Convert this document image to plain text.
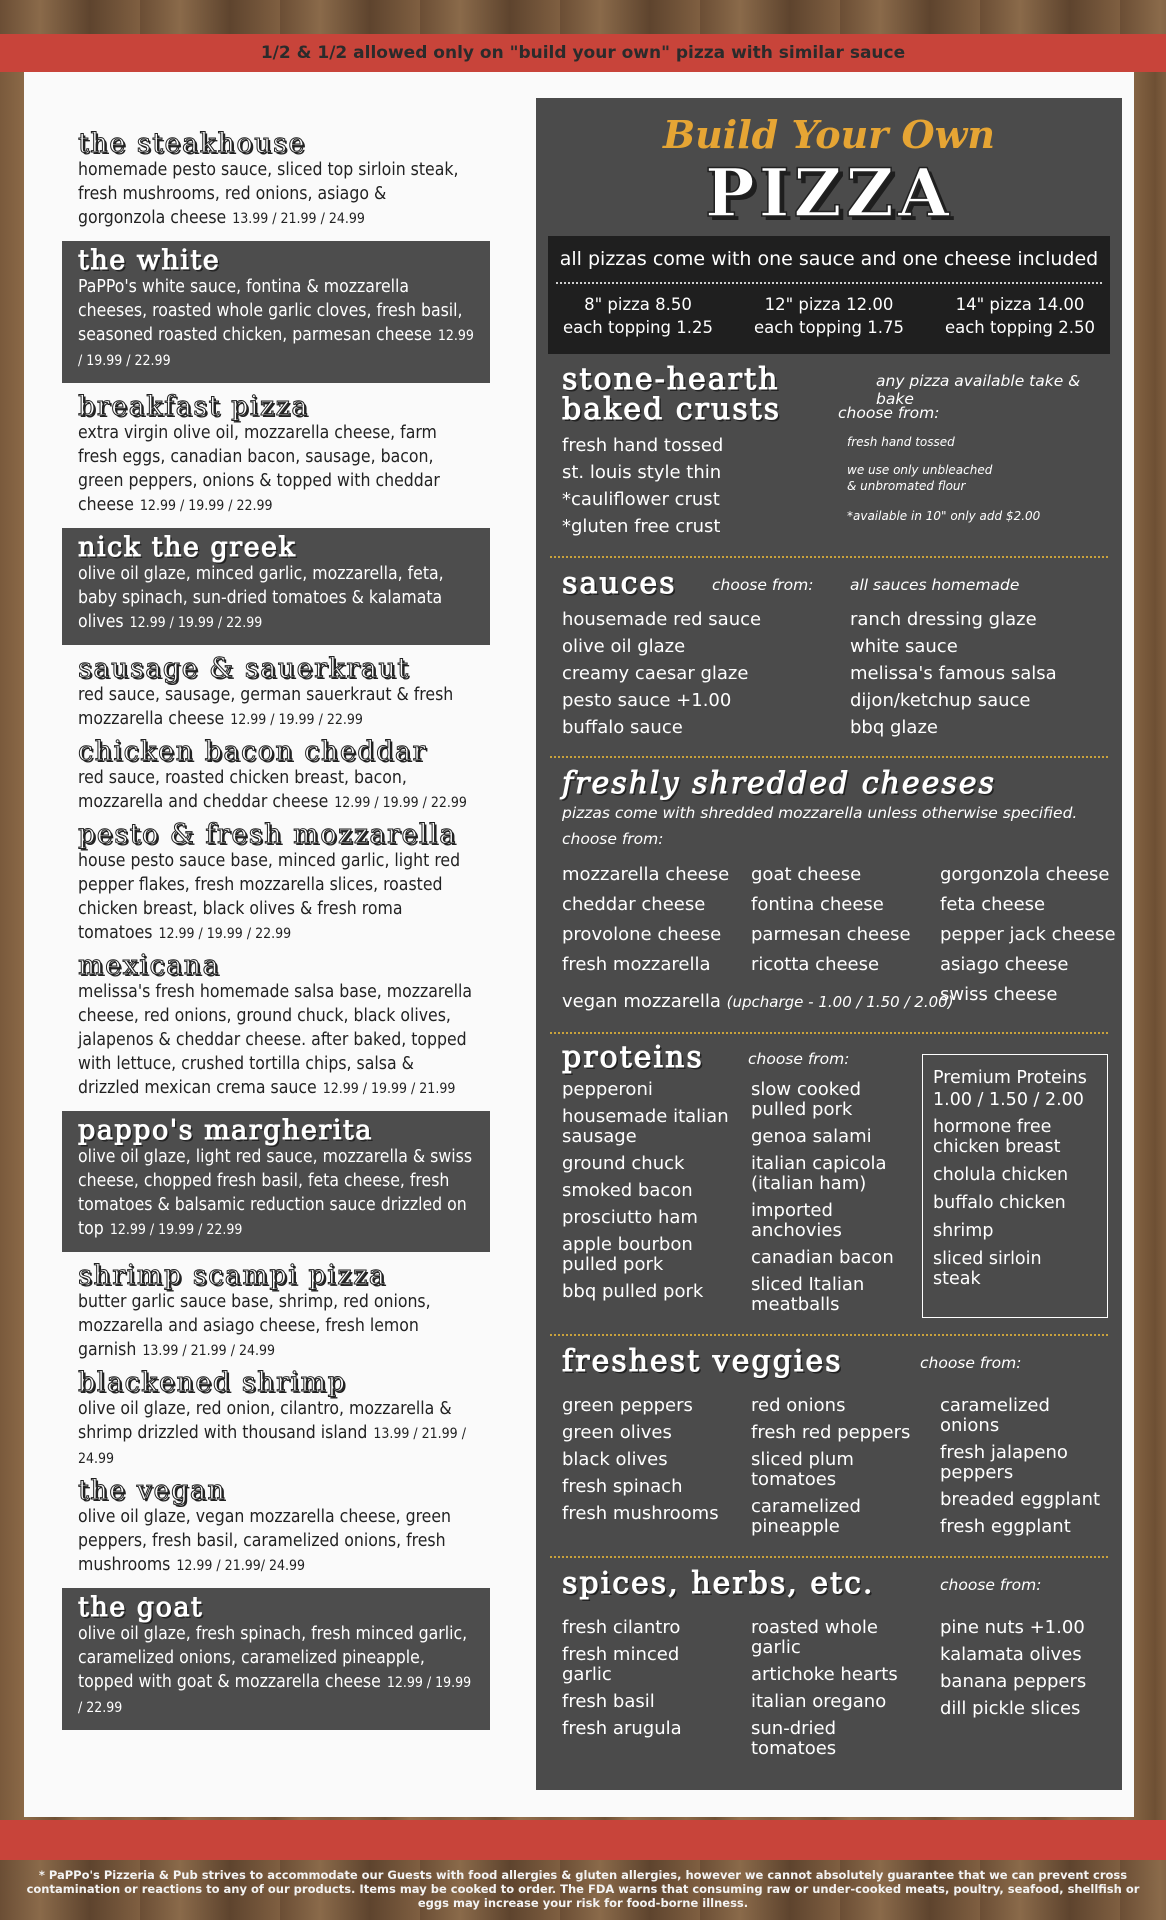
1/2 & 1/2 allowed only on "build your own" pizza with similar sauce
the steakhouse
homemade pesto sauce, sliced top sirloin steak, fresh mushrooms, red onions, asiago & gorgonzola cheese 13.99 / 21.99 / 24.99
the white
PaPPo's white sauce, fontina & mozzarella cheeses, roasted whole garlic cloves, fresh basil, seasoned roasted chicken, parmesan cheese 12.99 / 19.99 / 22.99
breakfast pizza
extra virgin olive oil, mozzarella cheese, farm fresh eggs, canadian bacon, sausage, bacon, green peppers, onions & topped with cheddar cheese 12.99 / 19.99 / 22.99
nick the greek
olive oil glaze, minced garlic, mozzarella, feta, baby spinach, sun-dried tomatoes & kalamata olives 12.99 / 19.99 / 22.99
sausage & sauerkraut
red sauce, sausage, german sauerkraut & fresh mozzarella cheese 12.99 / 19.99 / 22.99
chicken bacon cheddar
red sauce, roasted chicken breast, bacon, mozzarella and cheddar cheese 12.99 / 19.99 / 22.99
pesto & fresh mozzarella
house pesto sauce base, minced garlic, light red pepper flakes, fresh mozzarella slices, roasted chicken breast, black olives & fresh roma tomatoes 12.99 / 19.99 / 22.99
mexicana
melissa's fresh homemade salsa base, mozzarella cheese, red onions, ground chuck, black olives, jalapenos & cheddar cheese. after baked, topped with lettuce, crushed tortilla chips, salsa & drizzled mexican crema sauce 12.99 / 19.99 / 21.99
pappo's margherita
olive oil glaze, light red sauce, mozzarella & swiss cheese, chopped fresh basil, feta cheese, fresh tomatoes & balsamic reduction sauce drizzled on top 12.99 / 19.99 / 22.99
shrimp scampi pizza
butter garlic sauce base, shrimp, red onions, mozzarella and asiago cheese, fresh lemon garnish 13.99 / 21.99 / 24.99
blackened shrimp
olive oil glaze, red onion, cilantro, mozzarella & shrimp drizzled with thousand island 13.99 / 21.99 / 24.99
the vegan
olive oil glaze, vegan mozzarella cheese, green peppers, fresh basil, caramelized onions, fresh mushrooms 12.99 / 21.99/ 24.99
the goat
olive oil glaze, fresh spinach, fresh minced garlic, caramelized onions, caramelized pineapple, topped with goat & mozzarella cheese 12.99 / 19.99 / 22.99
Build Your Own
PIZZA
all pizzas come with one sauce and one cheese included
8" pizza 8.50
each topping 1.25
12" pizza 12.00
each topping 1.75
14" pizza 14.00
each topping 2.50
stone-hearth
baked crusts	choose from:
any pizza available take & bake
fresh hand tossed
st. louis style thin
*cauliflower crust
*gluten free crust
fresh hand tossed
we use only unbleached
& unbromated flour
*available in 10" only add $2.00
sauces choose from: all sauces homemade
housemade red sauce
olive oil glaze
creamy caesar glaze
pesto sauce +1.00
buffalo sauce
ranch dressing glaze
white sauce
melissa's famous salsa
dijon/ketchup sauce
bbq glaze
freshly shredded cheeses
pizzas come with shredded mozzarella unless otherwise specified.
choose from:
mozzarella cheese
cheddar cheese
provolone cheese
fresh mozzarella
goat cheese
fontina cheese
parmesan cheese
ricotta cheese
gorgonzola cheese
feta cheese
pepper jack cheese
asiago cheese
swiss cheese
vegan mozzarella (upcharge - 1.00 / 1.50 / 2.00)
proteins	choose from:
pepperoni
housemade italian sausage
ground chuck
smoked bacon
prosciutto ham
apple bourbon pulled pork
bbq pulled pork
slow cooked pulled pork
genoa salami
italian capicola (italian ham)
imported anchovies
canadian bacon
sliced Italian meatballs
Premium Proteins
1.00 / 1.50 / 2.00
hormone free chicken breast
cholula chicken
buffalo chicken
shrimp
sliced sirloin steak
freshest veggies	choose from:
green peppers
green olives
black olives
fresh spinach
fresh mushrooms
red onions
fresh red peppers
sliced plum tomatoes
caramelized pineapple
caramelized onions
fresh jalapeno peppers
breaded eggplant
fresh eggplant
spices, herbs, etc.	choose from:
fresh cilantro
fresh minced garlic
fresh basil
fresh arugula
roasted whole garlic
artichoke hearts
italian oregano
sun-dried tomatoes
pine nuts +1.00
kalamata olives
banana peppers
dill pickle slices

* PaPPo's Pizzeria & Pub strives to accommodate our Guests with food allergies & gluten allergies, however we cannot absolutely guarantee that we can prevent cross contamination or reactions to any of our products. Items may be cooked to order. The FDA warns that consuming raw or under-cooked meats, poultry, seafood, shellfish or eggs may increase your risk for food-borne illness.
